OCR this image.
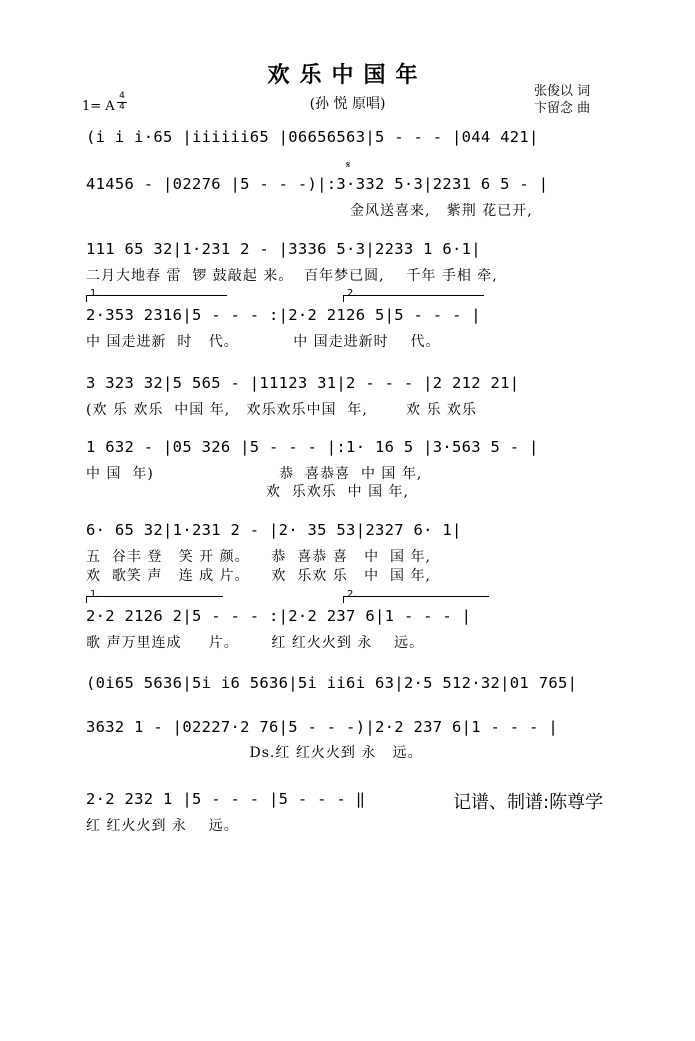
欢乐中国年
(孙 悦 原唱)
张俊以 词
卞留念 曲
1= A
4
4
(i i i·65 |iiiiii65 |06656563|5 - - - |044 421|
41456 - |02276 |5 - - -)|:3·332 5·3|2231 6 5 - |
𝄋
金风送喜来,   紫荆 花已开,
111 65 32|1·231 2 - |3336 5·3|2233 1 6·1|
二月大地春 雷  锣 鼓敲起 来。  百年梦已圆,    千年 手相 牵,
1.	2.
2·353 2316|5 - - - :|2·2 2126 5|5 - - - |
中 国走进新  时   代。          中 国走进新时    代。
3 323 32|5 565 - |11123 31|2 - - - |2 212 21|
(欢 乐 欢乐  中国 年,   欢乐欢乐中国  年,       欢 乐 欢乐
1 632 - |05 326 |5 - - - |:1· 16 5 |3·563 5 - |
中 国  年)                       恭  喜恭喜  中 国 年,
欢  乐欢乐  中 国 年,
6· 65 32|1·231 2 - |2· 35 53|2327 6· 1|
五  谷丰 登   笑 开 颜。    恭  喜恭 喜   中  国 年,
欢  歌笑 声   连 成 片。    欢  乐欢 乐   中  国 年,
1.	2.
2·2 2126 2|5 - - - :|2·2 237 6|1 - - - |
歌 声万里连成     片。      红 红火火到 永    远。
(0i65 5636|5i i6 5636|5i ii6i 63|2·5 512·32|01 765|
3632 1 - |02227·2 76|5 - - -)|2·2 237 6|1 - - - |
Ds.红 红火火到 永   远。
2·2 232 1 |5 - - - |5 - - - ‖
红 红火火到 永    远。
记谱、制谱:陈尊学
